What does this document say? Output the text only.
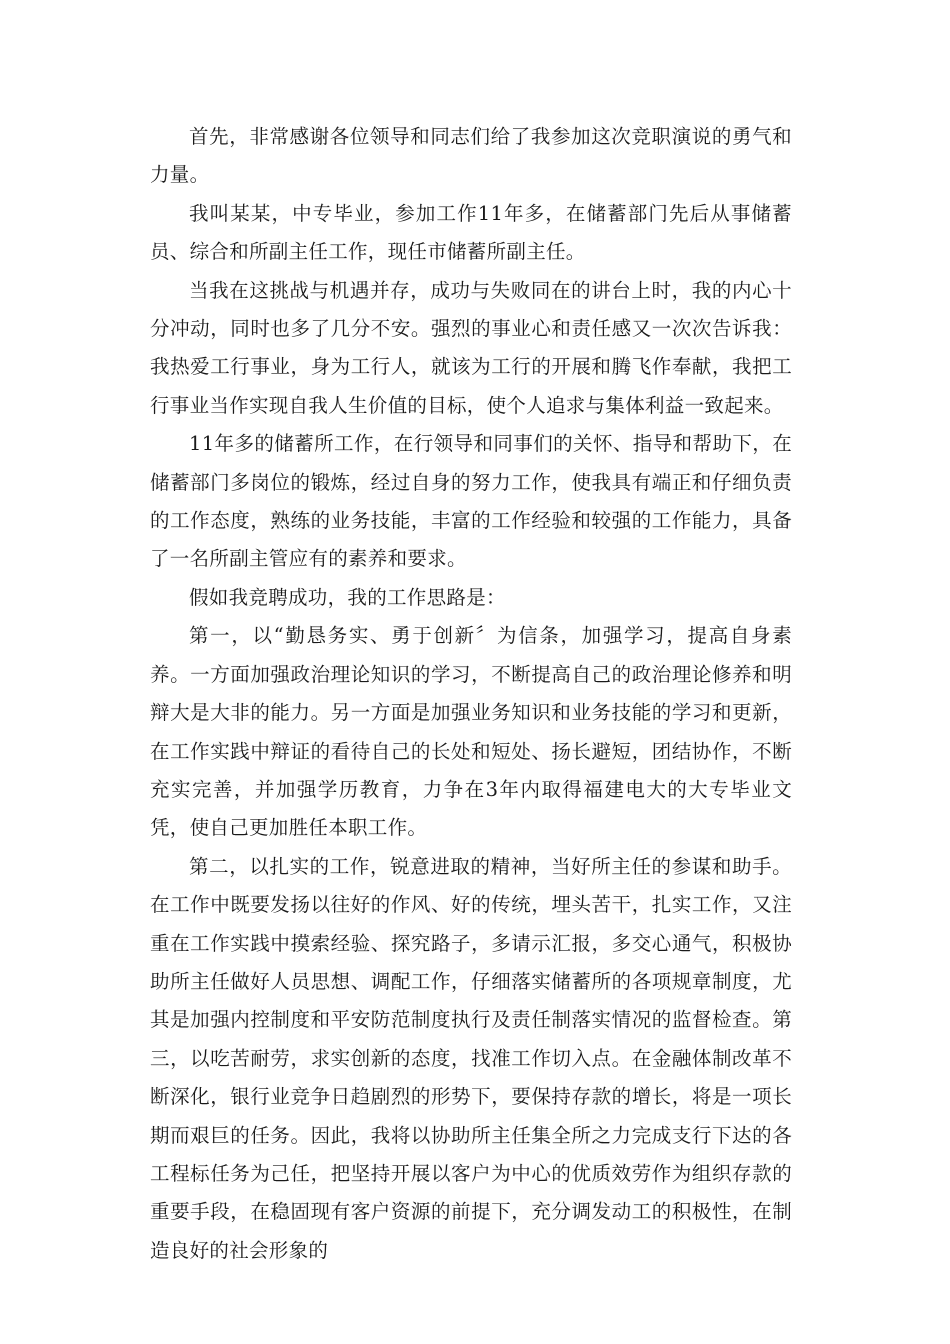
首先，非常感谢各位领导和同志们给了我参加这次竞职演说的勇气和力量。

我叫某某，中专毕业，参加工作11年多，在储蓄部门先后从事储蓄员、综合和所副主任工作，现任市储蓄所副主任。

当我在这挑战与机遇并存，成功与失败同在的讲台上时，我的内心十分冲动，同时也多了几分不安。强烈的事业心和责任感又一次次告诉我：我热爱工行事业，身为工行人，就该为工行的开展和腾飞作奉献，我把工行事业当作实现自我人生价值的目标，使个人追求与集体利益一致起来。

11年多的储蓄所工作，在行领导和同事们的关怀、指导和帮助下，在储蓄部门多岗位的锻炼，经过自身的努力工作，使我具有端正和仔细负责的工作态度，熟练的业务技能，丰富的工作经验和较强的工作能力，具备了一名所副主管应有的素养和要求。

假如我竞聘成功，我的工作思路是：

第一，以“勤恳务实、勇于创新〞为信条，加强学习，提高自身素养。一方面加强政治理论知识的学习，不断提高自己的政治理论修养和明辩大是大非的能力。另一方面是加强业务知识和业务技能的学习和更新，在工作实践中辩证的看待自己的长处和短处、扬长避短，团结协作，不断充实完善，并加强学历教育，力争在3年内取得福建电大的大专毕业文凭，使自己更加胜任本职工作。

第二，以扎实的工作，锐意进取的精神，当好所主任的参谋和助手。在工作中既要发扬以往好的作风、好的传统，埋头苦干，扎实工作，又注重在工作实践中摸索经验、探究路子，多请示汇报，多交心通气，积极协助所主任做好人员思想、调配工作，仔细落实储蓄所的各项规章制度，尤其是加强内控制度和平安防范制度执行及责任制落实情况的监督检查。第三，以吃苦耐劳，求实创新的态度，找准工作切入点。在金融体制改革不断深化，银行业竞争日趋剧烈的形势下，要保持存款的增长，将是一项长期而艰巨的任务。因此，我将以协助所主任集全所之力完成支行下达的各工程标任务为己任，把坚持开展以客户为中心的优质效劳作为组织存款的重要手段，在稳固现有客户资源的前提下，充分调发动工的积极性，在制造良好的社会形象的
